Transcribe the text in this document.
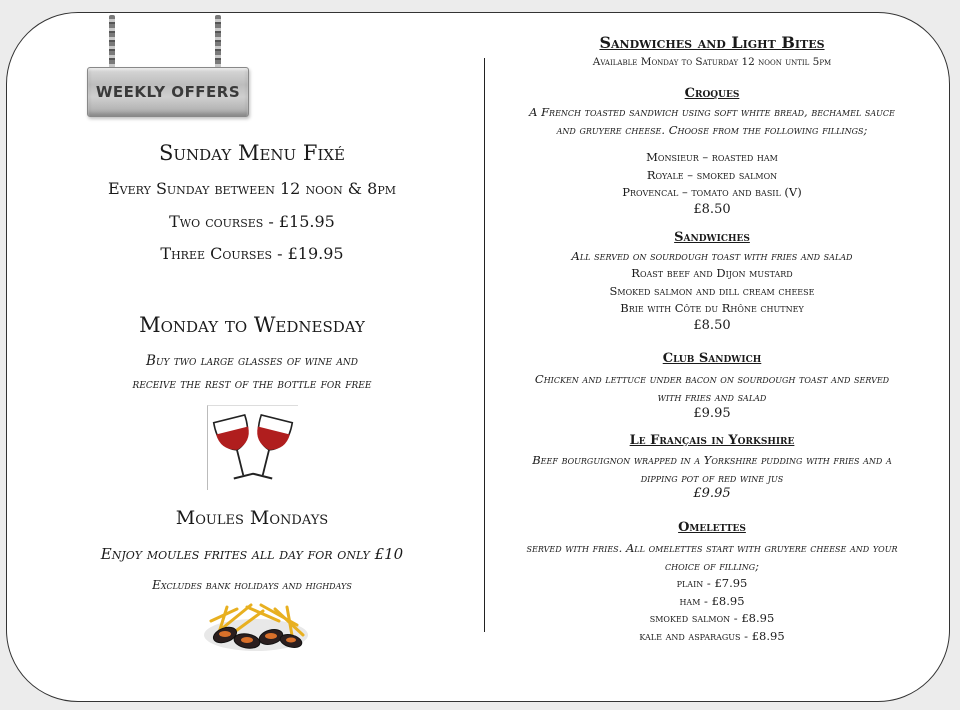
WEEKLY OFFERS
Sunday Menu Fixé

Every Sunday between 12 noon & 8pm

Two courses - £15.95

Three Courses - £19.95

Monday to Wednesday

Buy two large glasses of wine and

receive the rest of the bottle for free

Moules Mondays

Enjoy moules frites all day for only £10

Excludes bank holidays and highdays

Sandwiches and Light Bites

Available Monday to Saturday 12 noon until 5pm

Croques

A French toasted sandwich using soft white bread, bechamel sauce

and gruyere cheese. Choose from the following fillings;

Monsieur – roasted ham

Royale – smoked salmon

Provencal – tomato and basil (V)

£8.50

Sandwiches

All served on sourdough toast with fries and salad

Roast beef and Dijon mustard

Smoked salmon and dill cream cheese

Brie with Côte du Rhône chutney

£8.50

Club Sandwich

Chicken and lettuce under bacon on sourdough toast and served

with fries and salad

£9.95

Le Français in Yorkshire

Beef bourguignon wrapped in a Yorkshire pudding with fries and a

dipping pot of red wine jus

£9.95

Omelettes

served with fries. All omelettes start with gruyere cheese and your

choice of filling;

plain - £7.95

ham - £8.95

smoked salmon - £8.95

kale and asparagus - £8.95
